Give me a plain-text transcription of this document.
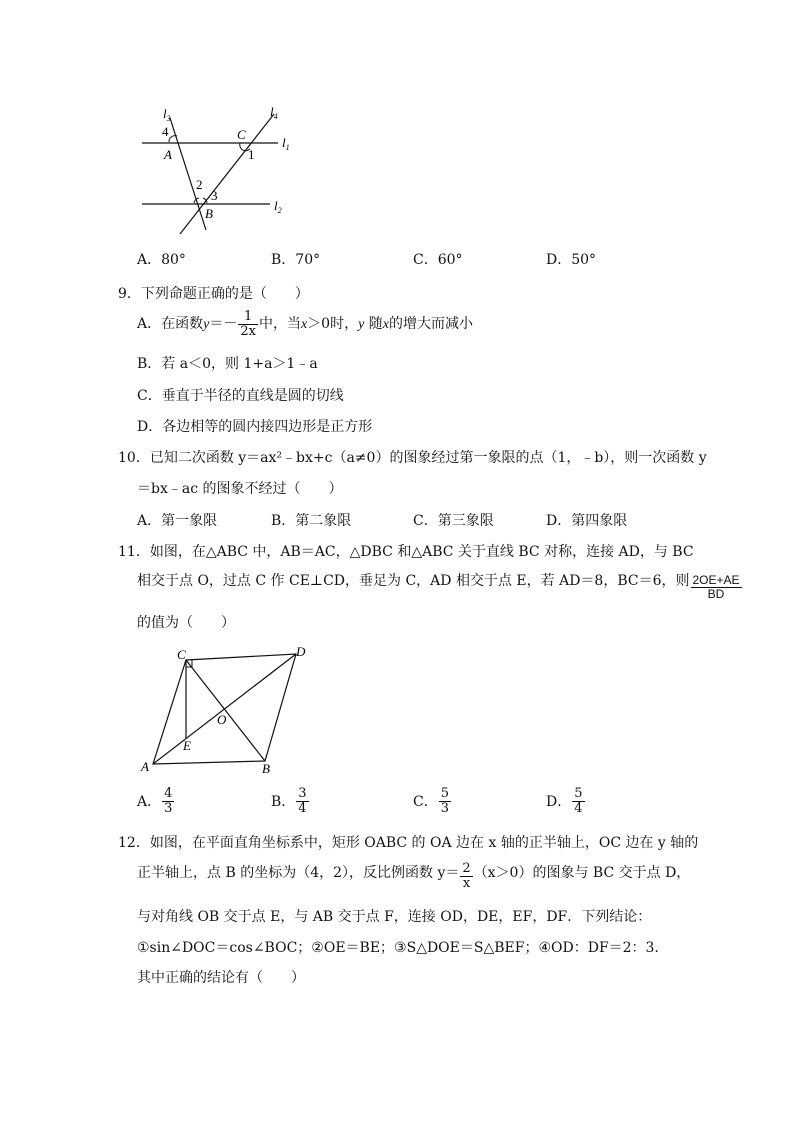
$l_3$	$l_4$
$l_1$
$l_2$
4
A
C
1
2
3
B
A．80°	B．70°	C．60°	D．50°
9．下列命题正确的是（　　）
A．在函数$y=- \frac{1}{2x}$ 中，当x＞0时，y 随x的增大而减小
B．若 a＜0，则 1+a＞1﹣a
C．垂直于半径的直线是圆的切线
D．各边相等的圆内接四边形是正方形
10．已知二次函数 y＝ax²﹣bx+c（a≠0）的图象经过第一象限的点（1，﹣b），则一次函数 y
＝bx﹣ac 的图象不经过（　　）
A．第一象限	B．第二象限	C．第三象限	D．第四象限
11．如图，在△ABC 中，AB＝AC，△DBC 和△ABC 关于直线 BC 对称，连接 AD，与 BC
相交于点 O，过点 C 作 CE⊥CD，垂足为 C，AD 相交于点 E，若 AD＝8，BC＝6，则 $\frac{2OE+AE}{BD}$
的值为（　　）
C	D
O
E
A	B
A． $\frac{4}{3}$	B． $\frac{3}{4}$	C． $\frac{5}{3}$	D． $\frac{5}{4}$
12．如图，在平面直角坐标系中，矩形 OABC 的 OA 边在 x 轴的正半轴上，OC 边在 y 轴的
正半轴上，点 B 的坐标为（4，2），反比例函数 $y= \frac{2}{x} (x>0)$的图象与 BC 交于点 D，
与对角线 OB 交于点 E，与 AB 交于点 F，连接 OD，DE，EF，DF．下列结论：
①sin∠DOC＝cos∠BOC；②OE＝BE；③S△DOE＝S△BEF；④OD：DF＝2：3．
其中正确的结论有（　　）
